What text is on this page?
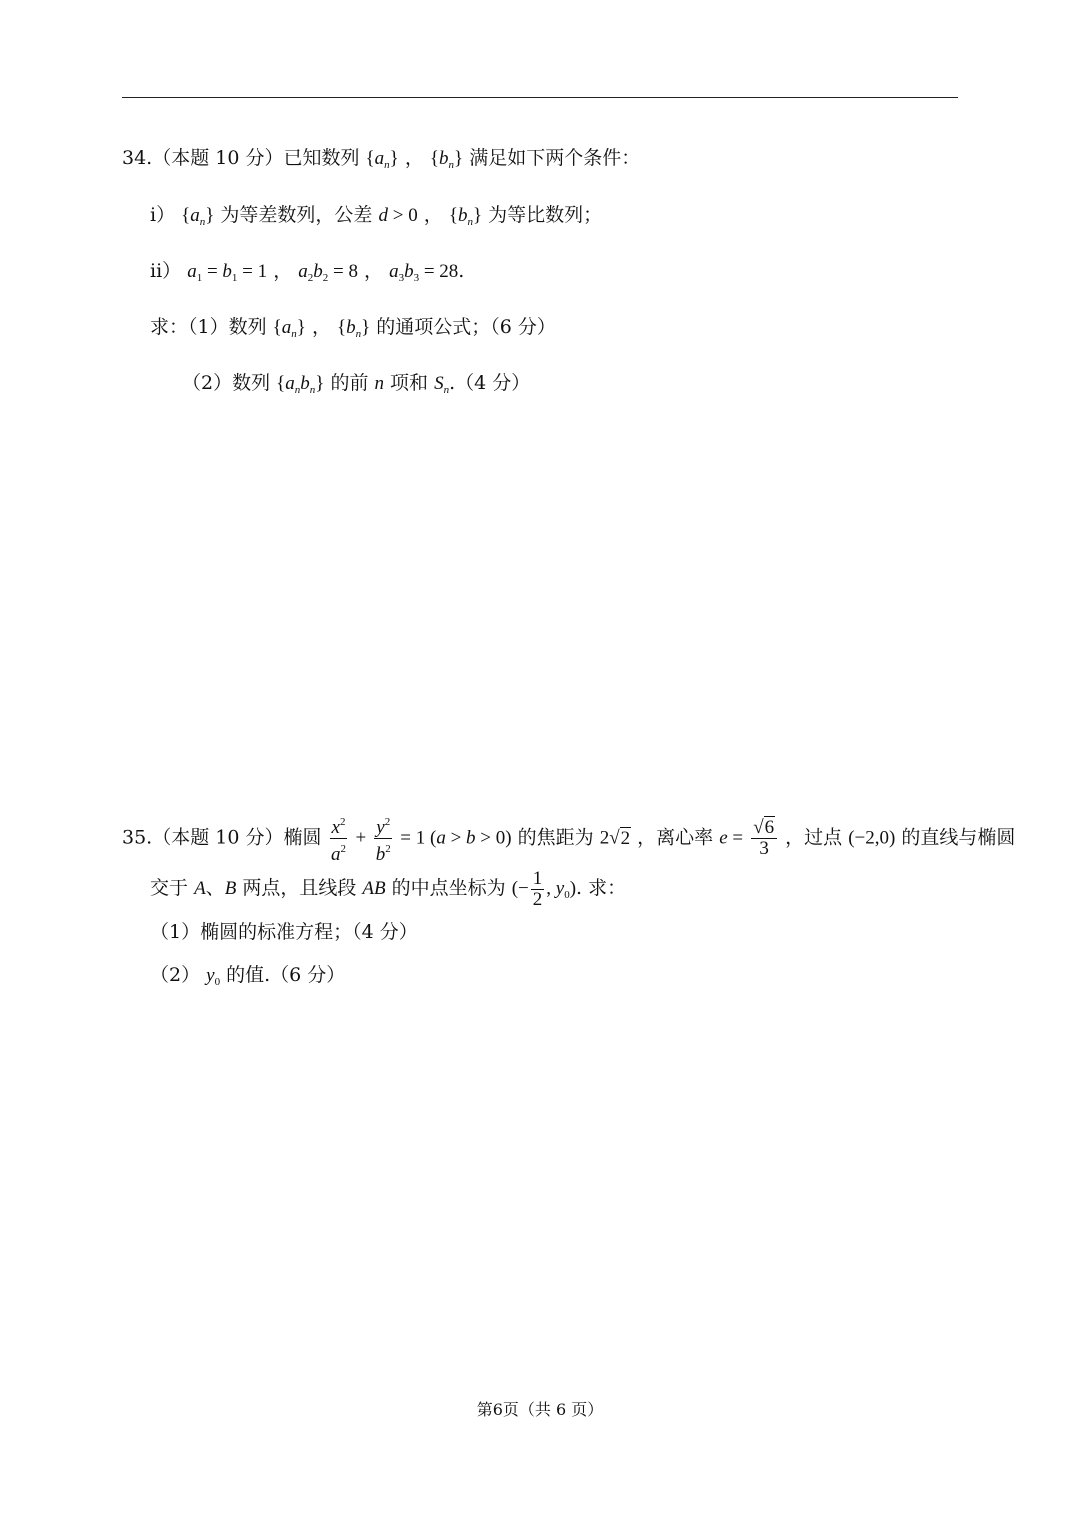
34.（本题 10 分）已知数列 $\{a_n\}$ ， $\{b_n\}$ 满足如下两个条件：
i） $\{a_n\}$ 为等差数列，公差 d > 0 ， $\{b_n\}$ 为等比数列；
ii） $a_1 = b_1 = 1$ ， $a_2b_2 = 8$ ， $a_3b_3 = 28$.
求：（1）数列 $\{a_n\}$ ， $\{b_n\}$ 的通项公式；（6 分）
（2）数列 $\{a_nb_n\}$ 的前 n 项和 $S_n.(4$ 分）
35.（本题 10 分）椭圆 $\frac{x^2}{a^2} + \frac{y^2}{b^2} = 1$ (a > b > 0) 的焦距为 2√2 ，离心率 $e = \frac{√6}{3}$ ，过点 (−2,0) 的直线与椭圆
交于 A、B 两点，且线段 AB 的中点坐标为 (− $\frac{1}{2}$ , $y_0$). 求：
（1）椭圆的标准方程；（4 分）
（2） $y_0$ 的值.（6 分）
第6页（共 6 页）
